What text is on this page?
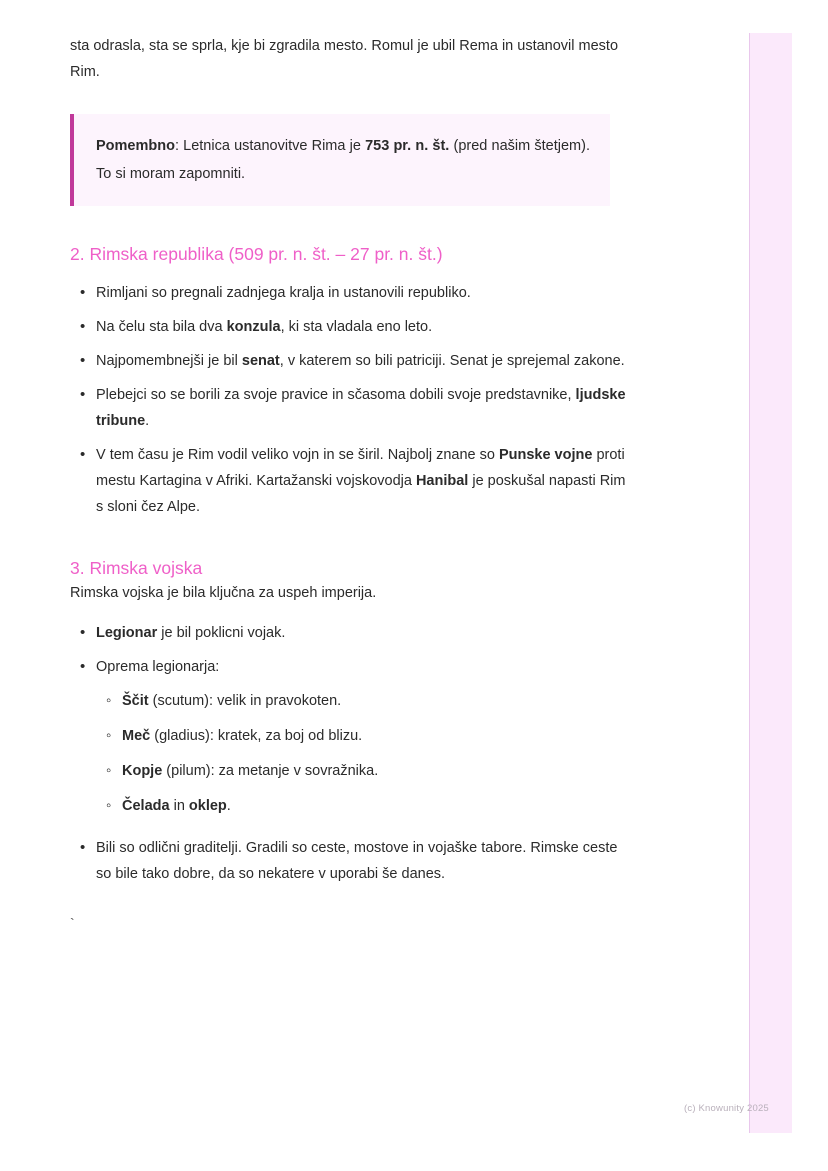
sta odrasla, sta se sprla, kje bi zgradila mesto. Romul je ubil Rema in ustanovil mesto Rim.

Pomembno: Letnica ustanovitve Rima je 753 pr. n. št. (pred našim štetjem). To si moram zapomniti.

2. Rimska republika (509 pr. n. št. – 27 pr. n. št.)
• Rimljani so pregnali zadnjega kralja in ustanovili republiko.
• Na čelu sta bila dva konzula, ki sta vladala eno leto.
• Najpomembnejši je bil senat, v katerem so bili patriciji. Senat je sprejemal zakone.
• Plebejci so se borili za svoje pravice in sčasoma dobili svoje predstavnike, ljudske tribune.
• V tem času je Rim vodil veliko vojn in se širil. Najbolj znane so Punske vojne proti mestu Kartagina v Afriki. Kartažanski vojskovodja Hanibal je poskušal napasti Rim s sloni čez Alpe.
3. Rimska vojska

Rimska vojska je bila ključna za uspeh imperija.

• Legionar je bil poklicni vojak.
• Oprema legionarja:
◦ Ščit (scutum): velik in pravokoten.
◦ Meč (gladius): kratek, za boj od blizu.
◦ Kopje (pilum): za metanje v sovražnika.
◦ Čelada in oklep.
• Bili so odlični graditelji. Gradili so ceste, mostove in vojaške tabore. Rimske ceste so bile tako dobre, da so nekatere v uporabi še danes.
`
(c) Knowunity 2025
